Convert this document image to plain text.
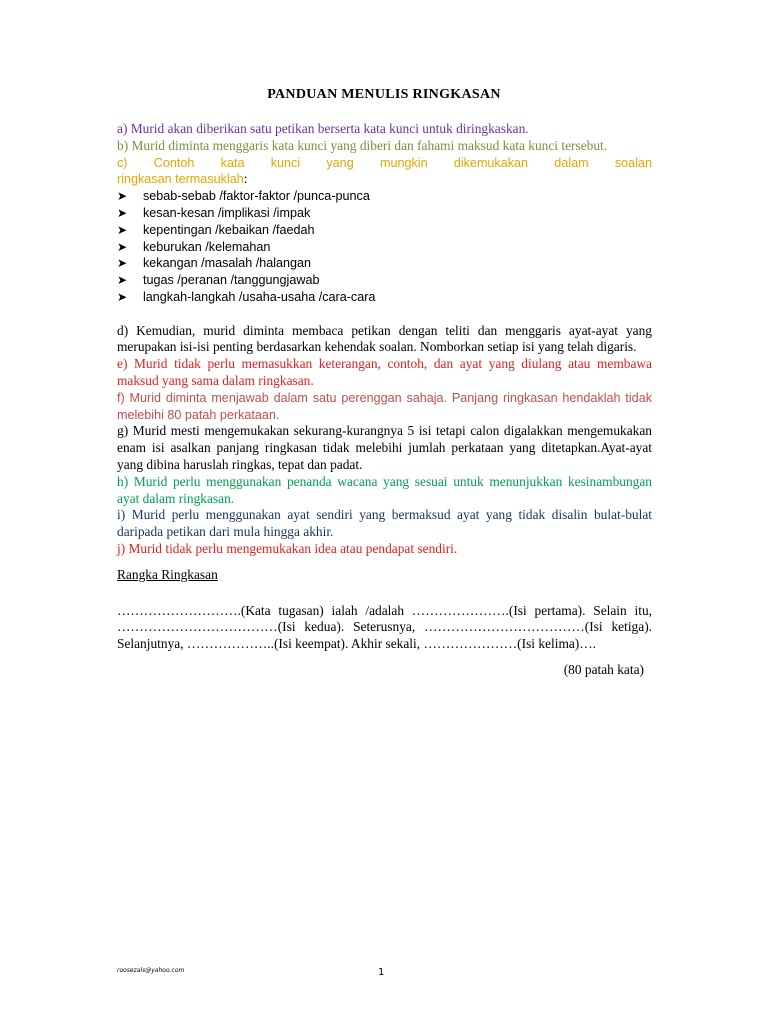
PANDUAN MENULIS RINGKASAN

a) Murid akan diberikan satu petikan berserta kata kunci untuk diringkaskan.

b) Murid diminta menggaris kata kunci yang diberi dan fahami maksud kata kunci tersebut.

c) Contoh kata kunci yang mungkin dikemukakan dalam soalan

ringkasan termasuklah:

➤	sebab-sebab /faktor-faktor /punca-punca
➤	kesan-kesan /implikasi /impak
➤	kepentingan /kebaikan /faedah
➤	keburukan /kelemahan
➤	kekangan /masalah /halangan
➤	tugas /peranan /tanggungjawab
➤	langkah-langkah /usaha-usaha /cara-cara

d) Kemudian, murid diminta membaca petikan dengan teliti dan menggaris ayat-ayat yang merupakan isi-isi penting berdasarkan kehendak soalan. Nomborkan setiap isi yang telah digaris.

e) Murid tidak perlu memasukkan keterangan, contoh, dan ayat yang diulang atau membawa maksud yang sama dalam ringkasan.

f) Murid diminta menjawab dalam satu perenggan sahaja. Panjang ringkasan hendaklah tidak melebihi 80 patah perkataan.

g) Murid mesti mengemukakan sekurang-kurangnya 5 isi tetapi calon digalakkan mengemukakan enam isi asalkan panjang ringkasan tidak melebihi jumlah perkataan yang ditetapkan.Ayat-ayat yang dibina haruslah ringkas, tepat dan padat.

h) Murid perlu menggunakan penanda wacana yang sesuai untuk menunjukkan kesinambungan ayat dalam ringkasan.

i) Murid perlu menggunakan ayat sendiri yang bermaksud ayat yang tidak disalin bulat-bulat daripada petikan dari mula hingga akhir.

j) Murid tidak perlu mengemukakan idea atau pendapat sendiri.

Rangka Ringkasan

……………………….(Kata tugasan) ialah /adalah ………………….(Isi pertama). Selain itu, ………………………………(Isi kedua). Seterusnya, ………………………………(Isi ketiga). Selanjutnya, ………………..(Isi keempat). Akhir sekali, …………………(Isi kelima)….

(80 patah kata)

roosezals@yahoo.com	1
